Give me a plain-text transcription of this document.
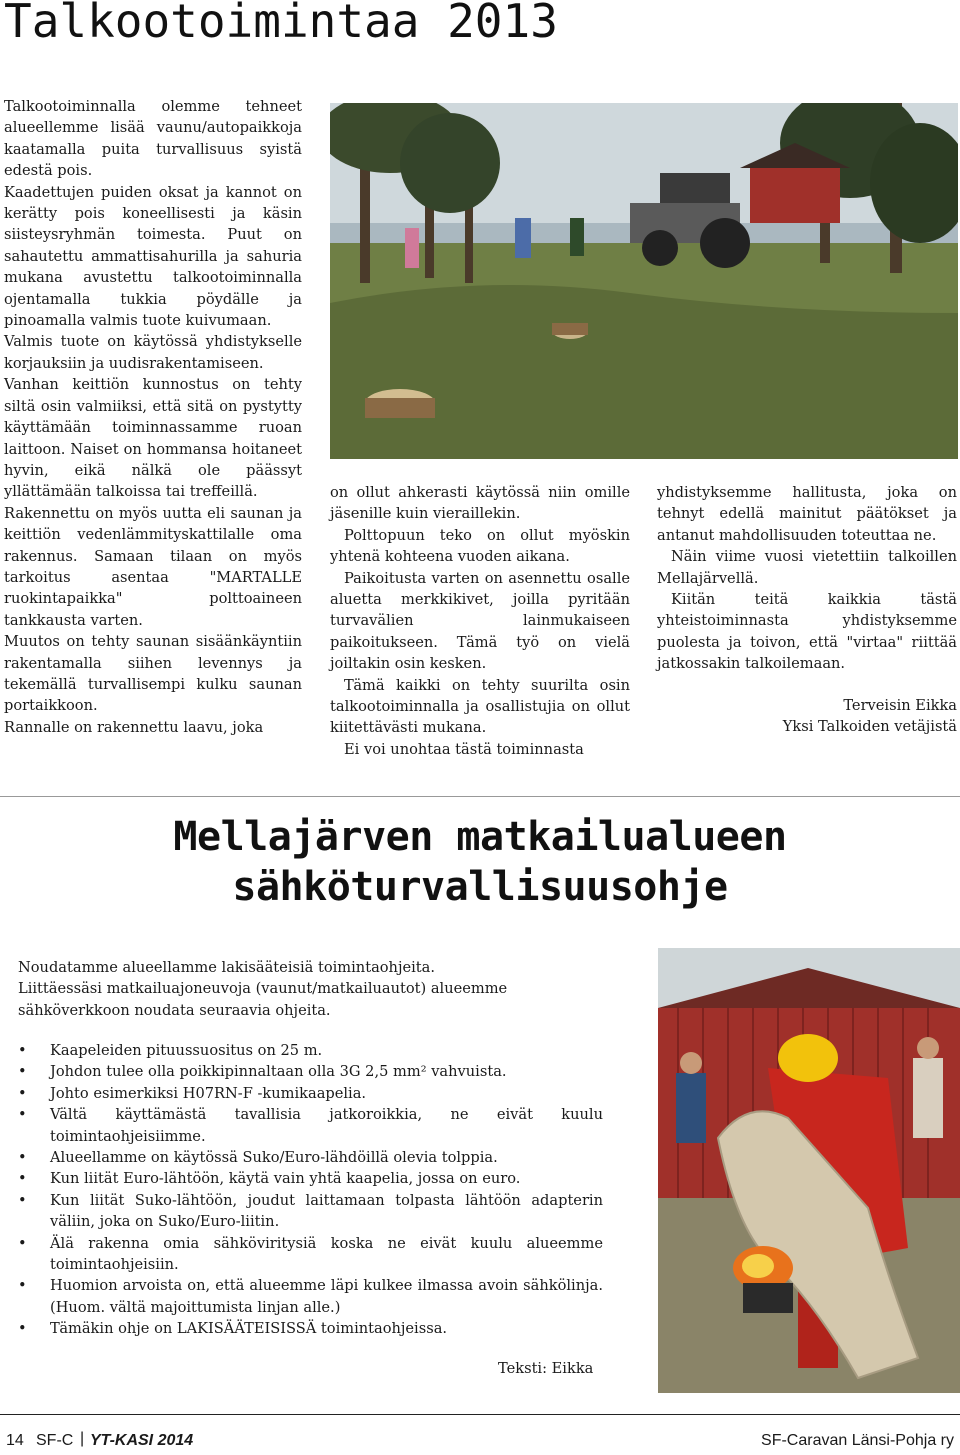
Talkootoimintaa 2013

Talkootoiminnalla olemme tehneet alueellemme lisää vaunu/autopaikkoja kaatamalla puita turvallisuus syistä edestä pois.

Kaadettujen puiden oksat ja kannot on kerätty pois koneellisesti ja käsin siisteysryhmän toimesta. Puut on sahautettu ammattisahurilla ja sahuria mukana avustettu talkootoiminnalla ojentamalla tukkia pöydälle ja pinoamalla valmis tuote kuivumaan.

Valmis tuote on käytössä yhdistykselle korjauksiin ja uudisrakentamiseen.

Vanhan keittiön kunnostus on tehty siltä osin valmiiksi, että sitä on pystytty käyttämään toiminnassamme ruoan laittoon. Naiset on hommansa hoitaneet hyvin, eikä nälkä ole päässyt yllättämään talkoissa tai treffeillä.

Rakennettu on myös uutta eli saunan ja keittiön vedenlämmityskattilalle oma rakennus. Samaan tilaan on myös tarkoitus asentaa "MARTALLE ruokintapaikka" polttoaineen tankkausta varten.

Muutos on tehty saunan sisäänkäyntiin rakentamalla siihen levennys ja tekemällä turvallisempi kulku saunan portaikkoon.

Rannalle on rakennettu laavu, joka

on ollut ahkerasti käytössä niin omille jäsenille kuin vieraillekin.

Polttopuun teko on ollut myöskin yhtenä kohteena vuoden aikana.

Paikoitusta varten on asennettu osalle aluetta merkkikivet, joilla pyritään turvavälien lainmukaiseen paikoitukseen. Tämä työ on vielä joiltakin osin kesken.

Tämä kaikki on tehty suurilta osin talkootoiminnalla ja osallistujia on ollut kiitettävästi mukana.

Ei voi unohtaa tästä toiminnasta

yhdistyksemme hallitusta, joka on tehnyt edellä mainitut päätökset ja antanut mahdollisuuden toteuttaa ne.

Näin viime vuosi vietettiin talkoillen Mellajärvellä.

Kiitän teitä kaikkia tästä yhteistoiminnasta yhdistyksemme puolesta ja toivon, että "virtaa" riittää jatkossakin talkoilemaan.

Terveisin Eikka

Yksi Talkoiden vetäjistä

Mellajärven matkailualueen
sähköturvallisuusohje

Noudatamme alueellamme lakisääteisiä toimintaohjeita.

Liittäessäsi matkailuajoneuvoja (vaunut/matkailuautot) alueemme sähköverkkoon noudata seuraavia ohjeita.

• Kaapeleiden pituussuositus on 25 m.
• Johdon tulee olla poikkipinnaltaan olla 3G 2,5 mm² vahvuista.
• Johto esimerkiksi H07RN-F -kumikaapelia.
• Vältä käyttämästä tavallisia jatkoroikkia, ne eivät kuulu toimintaohjeisiimme.
• Alueellamme on käytössä Suko/Euro-lähdöillä olevia tolppia.
• Kun liität Euro-lähtöön, käytä vain yhtä kaapelia, jossa on euro.
• Kun liität Suko-lähtöön, joudut laittamaan tolpasta lähtöön adapterin väliin, joka on Suko/Euro-liitin.
• Älä rakenna omia sähköviritysiä koska ne eivät kuulu alueemme toimintaohjeisiin.
• Huomion arvoista on, että alueemme läpi kulkee ilmassa avoin sähkölinja. (Huom. vältä majoittumista linjan alle.)
• Tämäkin ohje on LAKISÄÄTEISISSÄ toimintaohjeissa.
Teksti: Eikka
14 SF-C | YT-KASI 2014	SF-Caravan Länsi-Pohja ry
